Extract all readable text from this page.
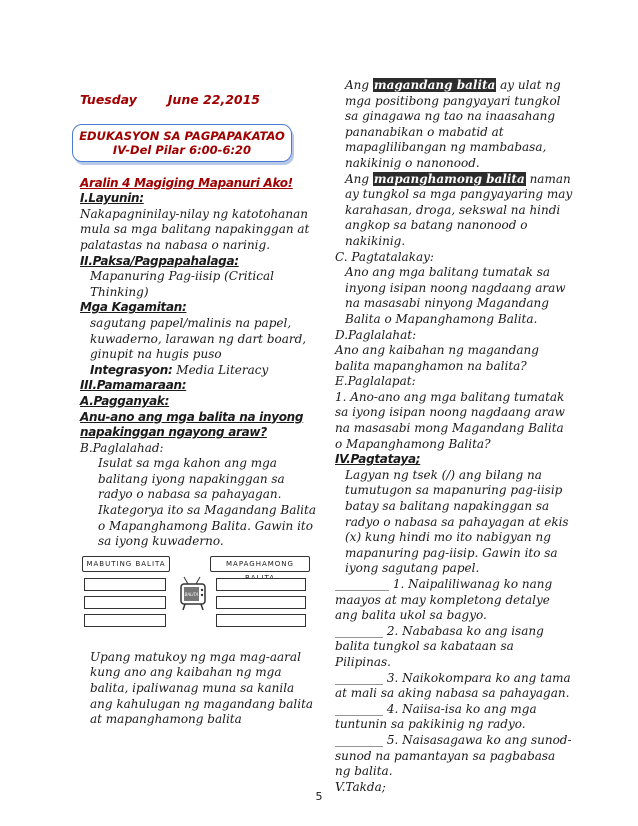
Tuesday June 22,2015
EDUKASYON SA PAGPAPAKATAO
IV-Del Pilar 6:00-6:20

Aralin 4 Magiging Mapanuri Ako!

I.Layunin:

Nakapagninilay-nilay ng katotohanan mula sa mga balitang napakinggan at palatastas na nabasa o narinig.

II.Paksa/Pagpapahalaga:

Mapanuring Pag-iisip (Critical Thinking)

Mga Kagamitan:

sagutang papel/malinis na papel, kuwaderno, larawan ng dart board, ginupit na hugis puso

Integrasyon: Media Literacy

III.Pamamaraan:

A.Pagganyak:

Anu-ano ang mga balita na inyong napakinggan ngayong araw?

B.Paglalahad:

Isulat sa mga kahon ang mga balitang iyong napakinggan sa radyo o nabasa sa pahayagan. Ikategorya ito sa Magandang Balita o Mapanghamong Balita. Gawin ito sa iyong kuwaderno.

MABUTING BALITA	MAPAGHAMONG
BALITA

Upang matukoy ng mga mag-aaral kung ano ang kaibahan ng mga balita, ipaliwanag muna sa kanila ang kahulugan ng magandang balita at mapanghamong balita

Ang magandang balita ay ulat ng mga positibong pangyayari tungkol sa ginagawa ng tao na inaasahang pananabikan o mabatid at mapaglilibangan ng mambabasa, nakikinig o nanonood.

Ang mapanghamong balita naman ay tungkol sa mga pangyayaring may karahasan, droga, sekswal na hindi angkop sa batang nanonood o nakikinig.

C. Pagtatalakay:

Ano ang mga balitang tumatak sa inyong isipan noong nagdaang araw na masasabi ninyong Magandang Balita o Mapanghamong Balita.

D.Paglalahat:

Ano ang kaibahan ng magandang balita mapanghamon na balita?

E.Paglalapat:

1. Ano-ano ang mga balitang tumatak sa iyong isipan noong nagdaang araw na masasabi mong Magandang Balita o Mapanghamong Balita?

IV.Pagtataya;

Lagyan ng tsek (/) ang bilang na tumutugon sa mapanuring pag-iisip batay sa balitang napakinggan sa radyo o nabasa sa pahayagan at ekis (x) kung hindi mo ito nabigyan ng mapanuring pag-iisip. Gawin ito sa iyong sagutang papel.

_________ 1. Naipaliliwanag ko nang maayos at may kompletong detalye ang balita ukol sa bagyo.

________ 2. Nababasa ko ang isang balita tungkol sa kabataan sa Pilipinas.

________ 3. Naikokompara ko ang tama at mali sa aking nabasa sa pahayagan.

________ 4. Naiisa-isa ko ang mga tuntunin sa pakikinig ng radyo. ________ 5. Naisasagawa ko ang sunod-sunod na pamantayan sa pagbabasa ng balita.

V.Takda;

5
